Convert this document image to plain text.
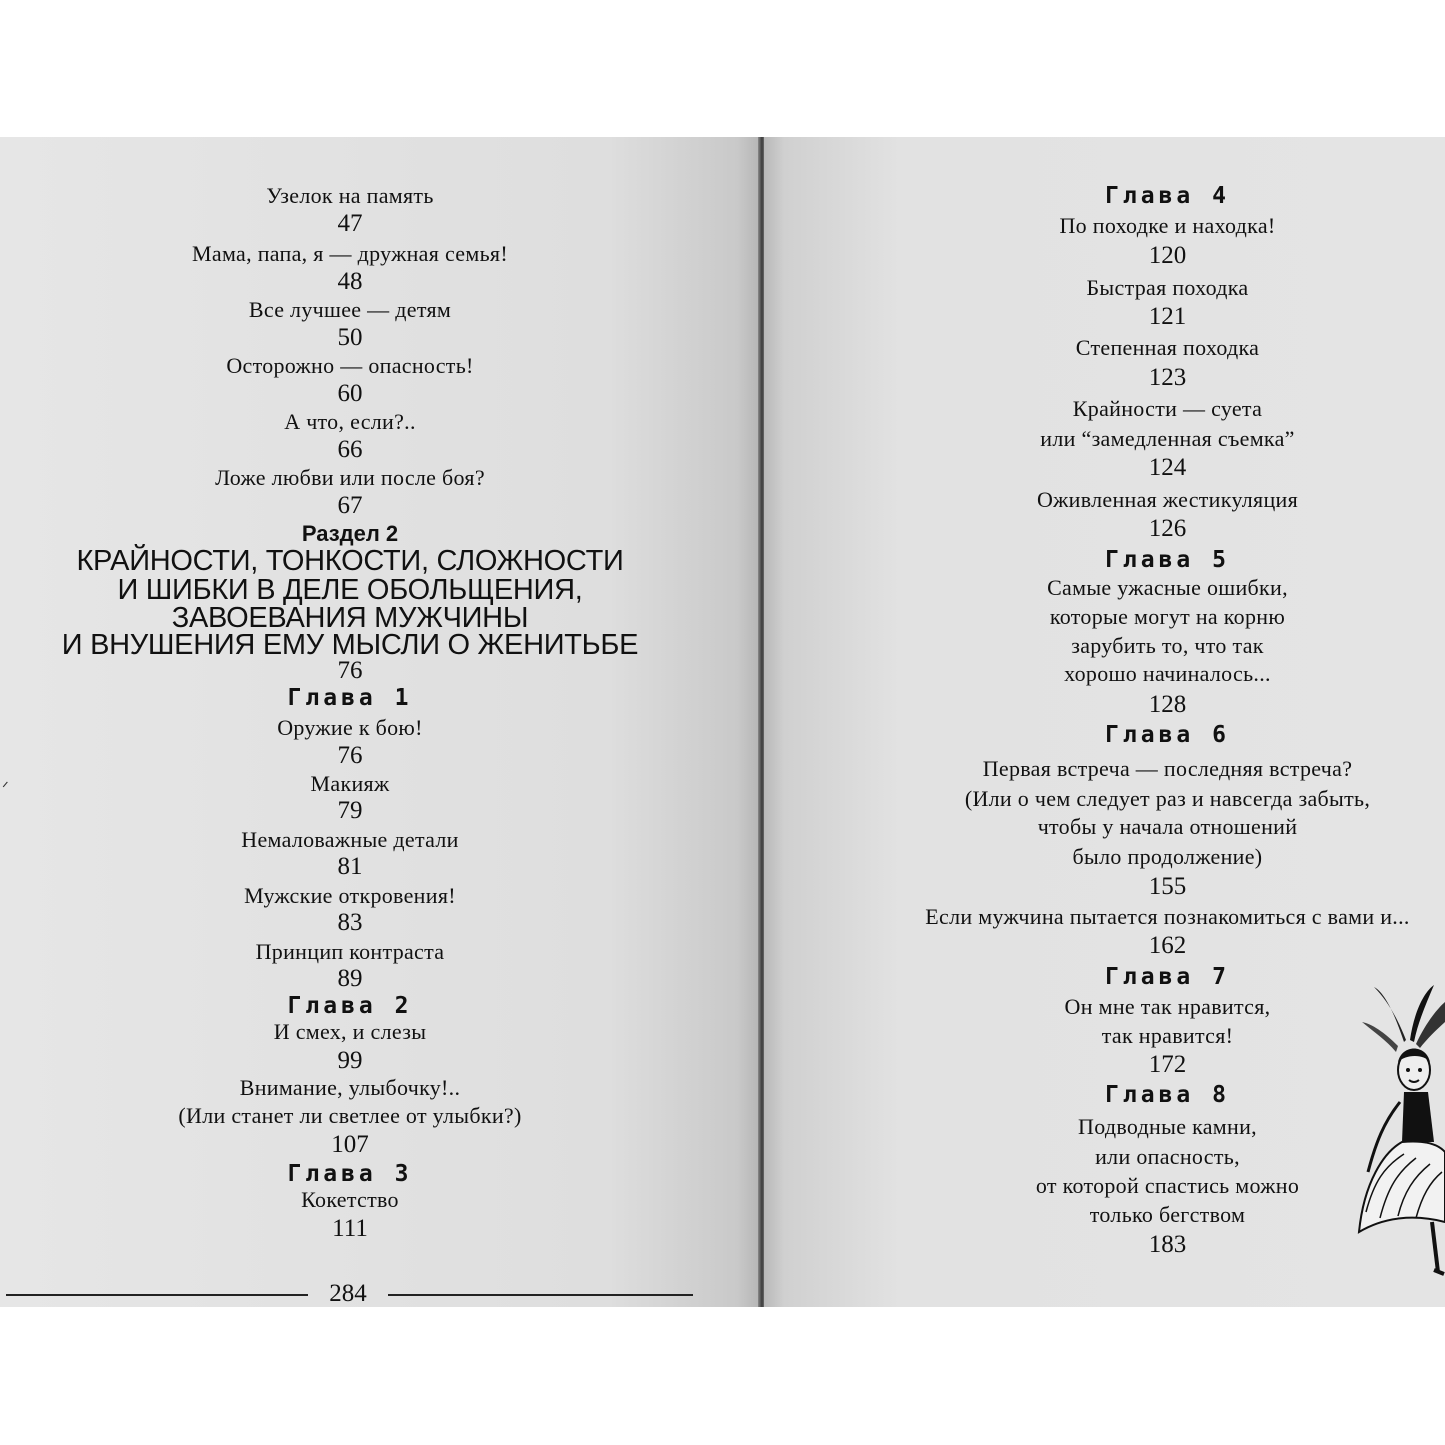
Узелок на память
47
Мама, папа, я — дружная семья!
48
Все лучшее — детям
50
Осторожно — опасность!
60
А что, если?..
66
Ложе любви или после боя?
67
Раздел 2
КРАЙНОСТИ, ТОНКОСТИ, СЛОЖНОСТИ
И ШИБКИ В ДЕЛЕ ОБОЛЬЩЕНИЯ,
ЗАВОЕВАНИЯ МУЖЧИНЫ
И ВНУШЕНИЯ ЕМУ МЫСЛИ О ЖЕНИТЬБЕ
76
Глава 1
Оружие к бою!
76
Макияж
79
Немаловажные детали
81
Мужские откровения!
83
Принцип контраста
89
Глава 2
И смех, и слезы
99
Внимание, улыбочку!..
(Или станет ли светлее от улыбки?)
107
Глава 3
Кокетство
111
284
ᐟ
Глава 4
По походке и находка!
120
Быстрая походка
121
Степенная походка
123
Крайности — суета
или “замедленная съемка”
124
Оживленная жестикуляция
126
Глава 5
Самые ужасные ошибки,
которые могут на корню
зарубить то, что так
хорошо начиналось...
128
Глава 6
Первая встреча — последняя встреча?
(Или о чем следует раз и навсегда забыть,
чтобы у начала отношений
было продолжение)
155
Если мужчина пытается познакомиться с вами и...
162
Глава 7
Он мне так нравится,
так нравится!
172
Глава 8
Подводные камни,
или опасность,
от которой спастись можно
только бегством
183
